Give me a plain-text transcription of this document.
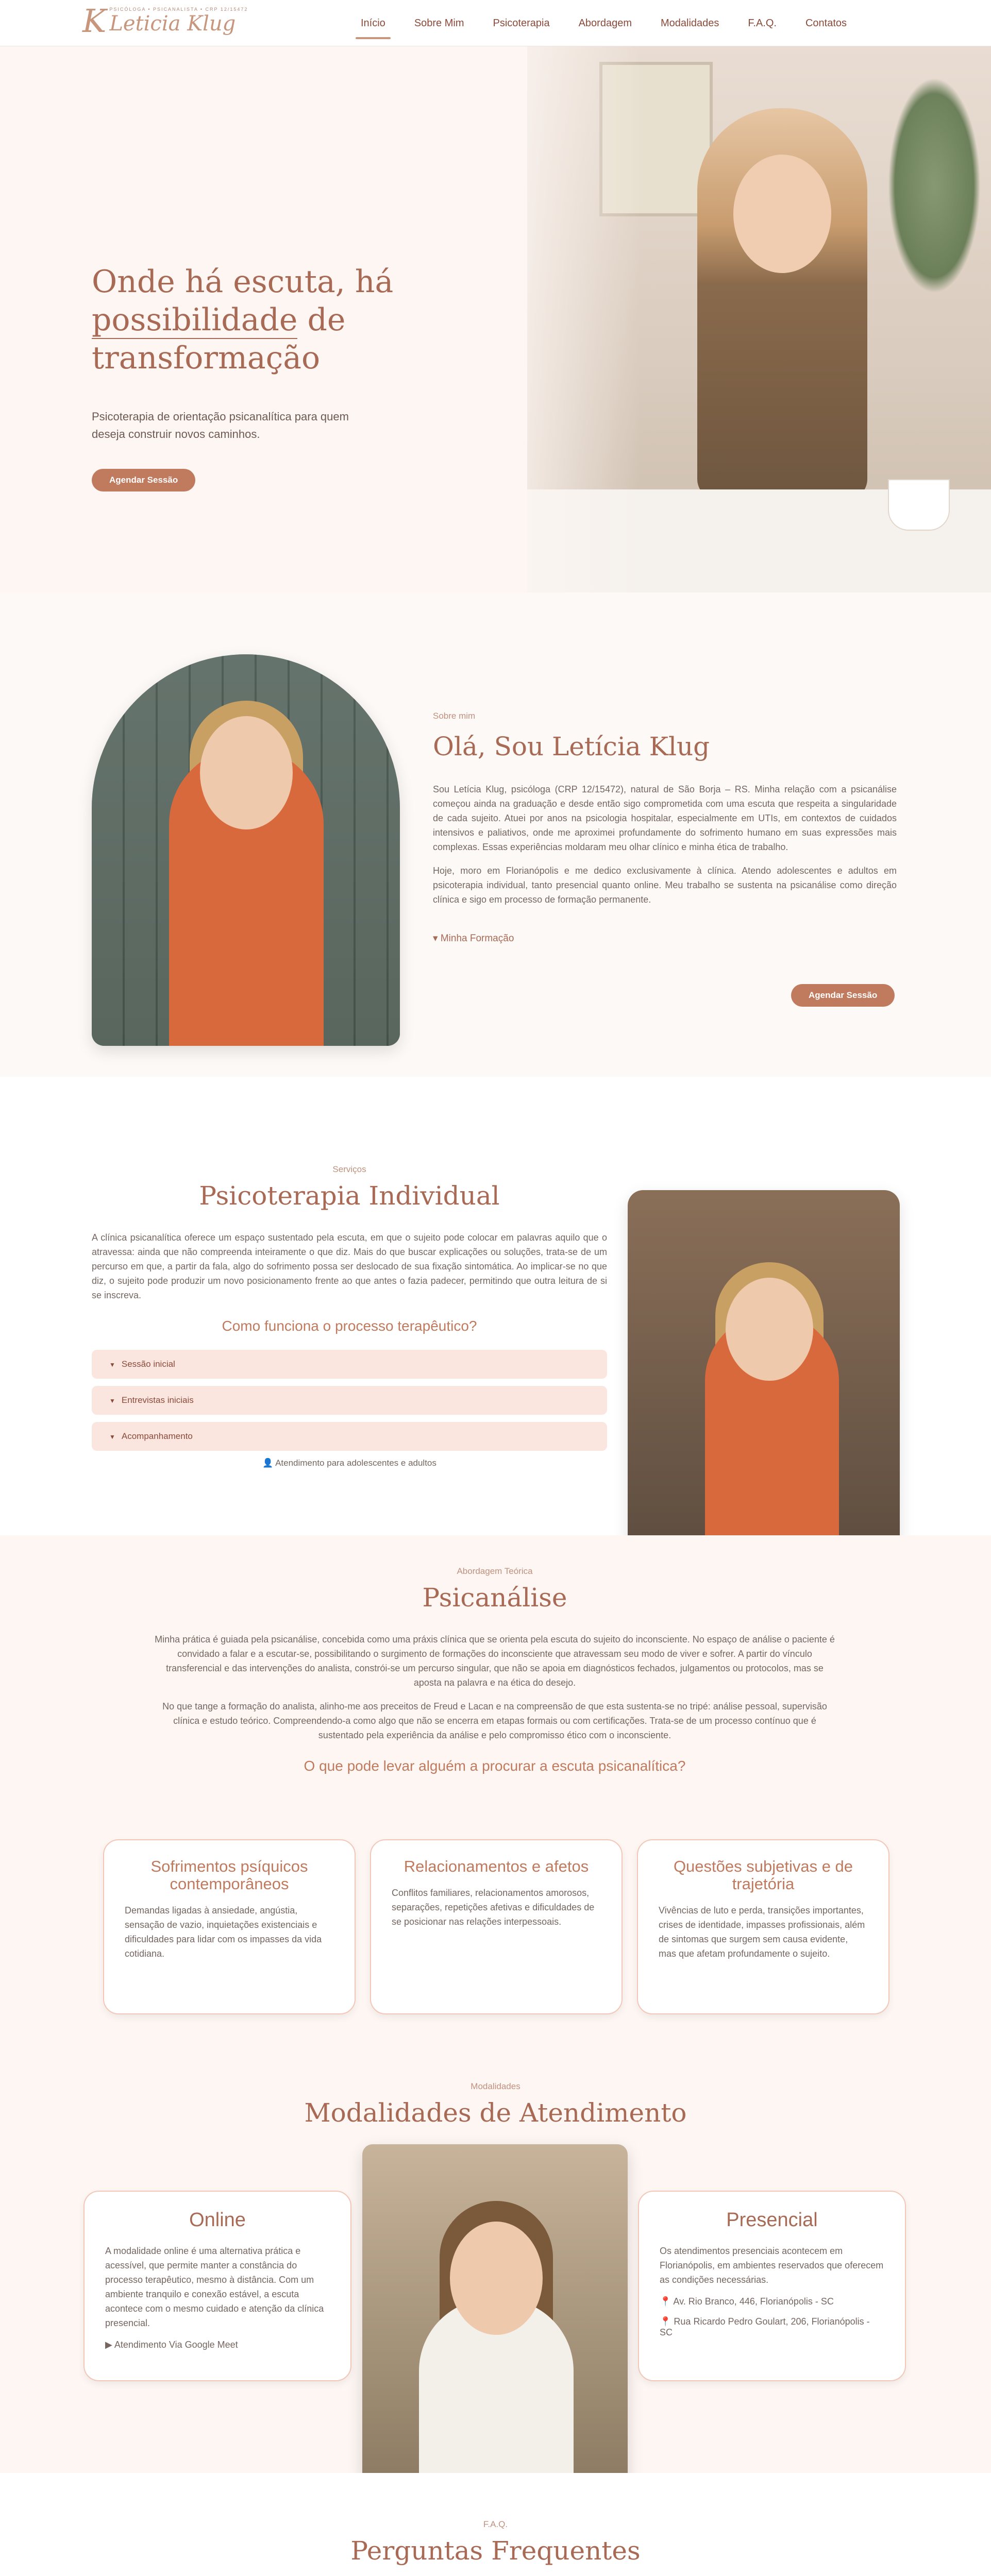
K PSICÓLOGA • PSICANALISTA • CRP 12/15472
Leticia Klug	Início	Sobre Mim	Psicoterapia	Abordagem	Modalidades	F.A.Q.	Contatos
Onde há escuta, há
possibilidade de
transformação

Psicoterapia de orientação psicanalítica para quem deseja construir novos caminhos.

Agendar Sessão
Sobre mim
Olá, Sou Letícia Klug

Sou Letícia Klug, psicóloga (CRP 12/15472), natural de São Borja – RS. Minha relação com a psicanálise começou ainda na graduação e desde então sigo comprometida com uma escuta que respeita a singularidade de cada sujeito. Atuei por anos na psicologia hospitalar, especialmente em UTIs, em contextos de cuidados intensivos e paliativos, onde me aproximei profundamente do sofrimento humano em suas expressões mais complexas. Essas experiências moldaram meu olhar clínico e minha ética de trabalho.

Hoje, moro em Florianópolis e me dedico exclusivamente à clínica. Atendo adolescentes e adultos em psicoterapia individual, tanto presencial quanto online. Meu trabalho se sustenta na psicanálise como direção clínica e sigo em processo de formação permanente.

▾ Minha Formação
Agendar Sessão
Serviços
Psicoterapia Individual

A clínica psicanalítica oferece um espaço sustentado pela escuta, em que o sujeito pode colocar em palavras aquilo que o atravessa: ainda que não compreenda inteiramente o que diz. Mais do que buscar explicações ou soluções, trata-se de um percurso em que, a partir da fala, algo do sofrimento possa ser deslocado de sua fixação sintomática. Ao implicar-se no que diz, o sujeito pode produzir um novo posicionamento frente ao que antes o fazia padecer, permitindo que outra leitura de si se inscreva.

Como funciona o processo terapêutico?
▼ Sessão inicial
▼ Entrevistas iniciais
▼ Acompanhamento
👤 Atendimento para adolescentes e adultos
Abordagem Teórica
Psicanálise

Minha prática é guiada pela psicanálise, concebida como uma práxis clínica que se orienta pela escuta do sujeito do inconsciente. No espaço de análise o paciente é convidado a falar e a escutar-se, possibilitando o surgimento de formações do inconsciente que atravessam seu modo de viver e sofrer. A partir do vínculo transferencial e das intervenções do analista, constrói-se um percurso singular, que não se apoia em diagnósticos fechados, julgamentos ou protocolos, mas se aposta na palavra e na ética do desejo.

No que tange a formação do analista, alinho-me aos preceitos de Freud e Lacan e na compreensão de que esta sustenta-se no tripé: análise pessoal, supervisão clínica e estudo teórico. Compreendendo-a como algo que não se encerra em etapas formais ou com certificações. Trata-se de um processo contínuo que é sustentado pela experiência da análise e pelo compromisso ético com o inconsciente.

O que pode levar alguém a procurar a escuta psicanalítica?
Sofrimentos psíquicos contemporâneos
Demandas ligadas à ansiedade, angústia, sensação de vazio, inquietações existenciais e dificuldades para lidar com os impasses da vida cotidiana.
Relacionamentos e afetos
Conflitos familiares, relacionamentos amorosos, separações, repetições afetivas e dificuldades de se posicionar nas relações interpessoais.
Questões subjetivas e de trajetória
Vivências de luto e perda, transições importantes, crises de identidade, impasses profissionais, além de sintomas que surgem sem causa evidente, mas que afetam profundamente o sujeito.
Modalidades
Modalidades de Atendimento
Online
A modalidade online é uma alternativa prática e acessível, que permite manter a constância do processo terapêutico, mesmo à distância. Com um ambiente tranquilo e conexão estável, a escuta acontece com o mesmo cuidado e atenção da clínica presencial.
▶ Atendimento Via Google Meet
Presencial
Os atendimentos presenciais acontecem em Florianópolis, em ambientes reservados que oferecem as condições necessárias.
📍 Av. Rio Branco, 446, Florianópolis - SC
📍 Rua Ricardo Pedro Goulart, 206, Florianópolis - SC
F.A.Q.
Perguntas Frequentes
